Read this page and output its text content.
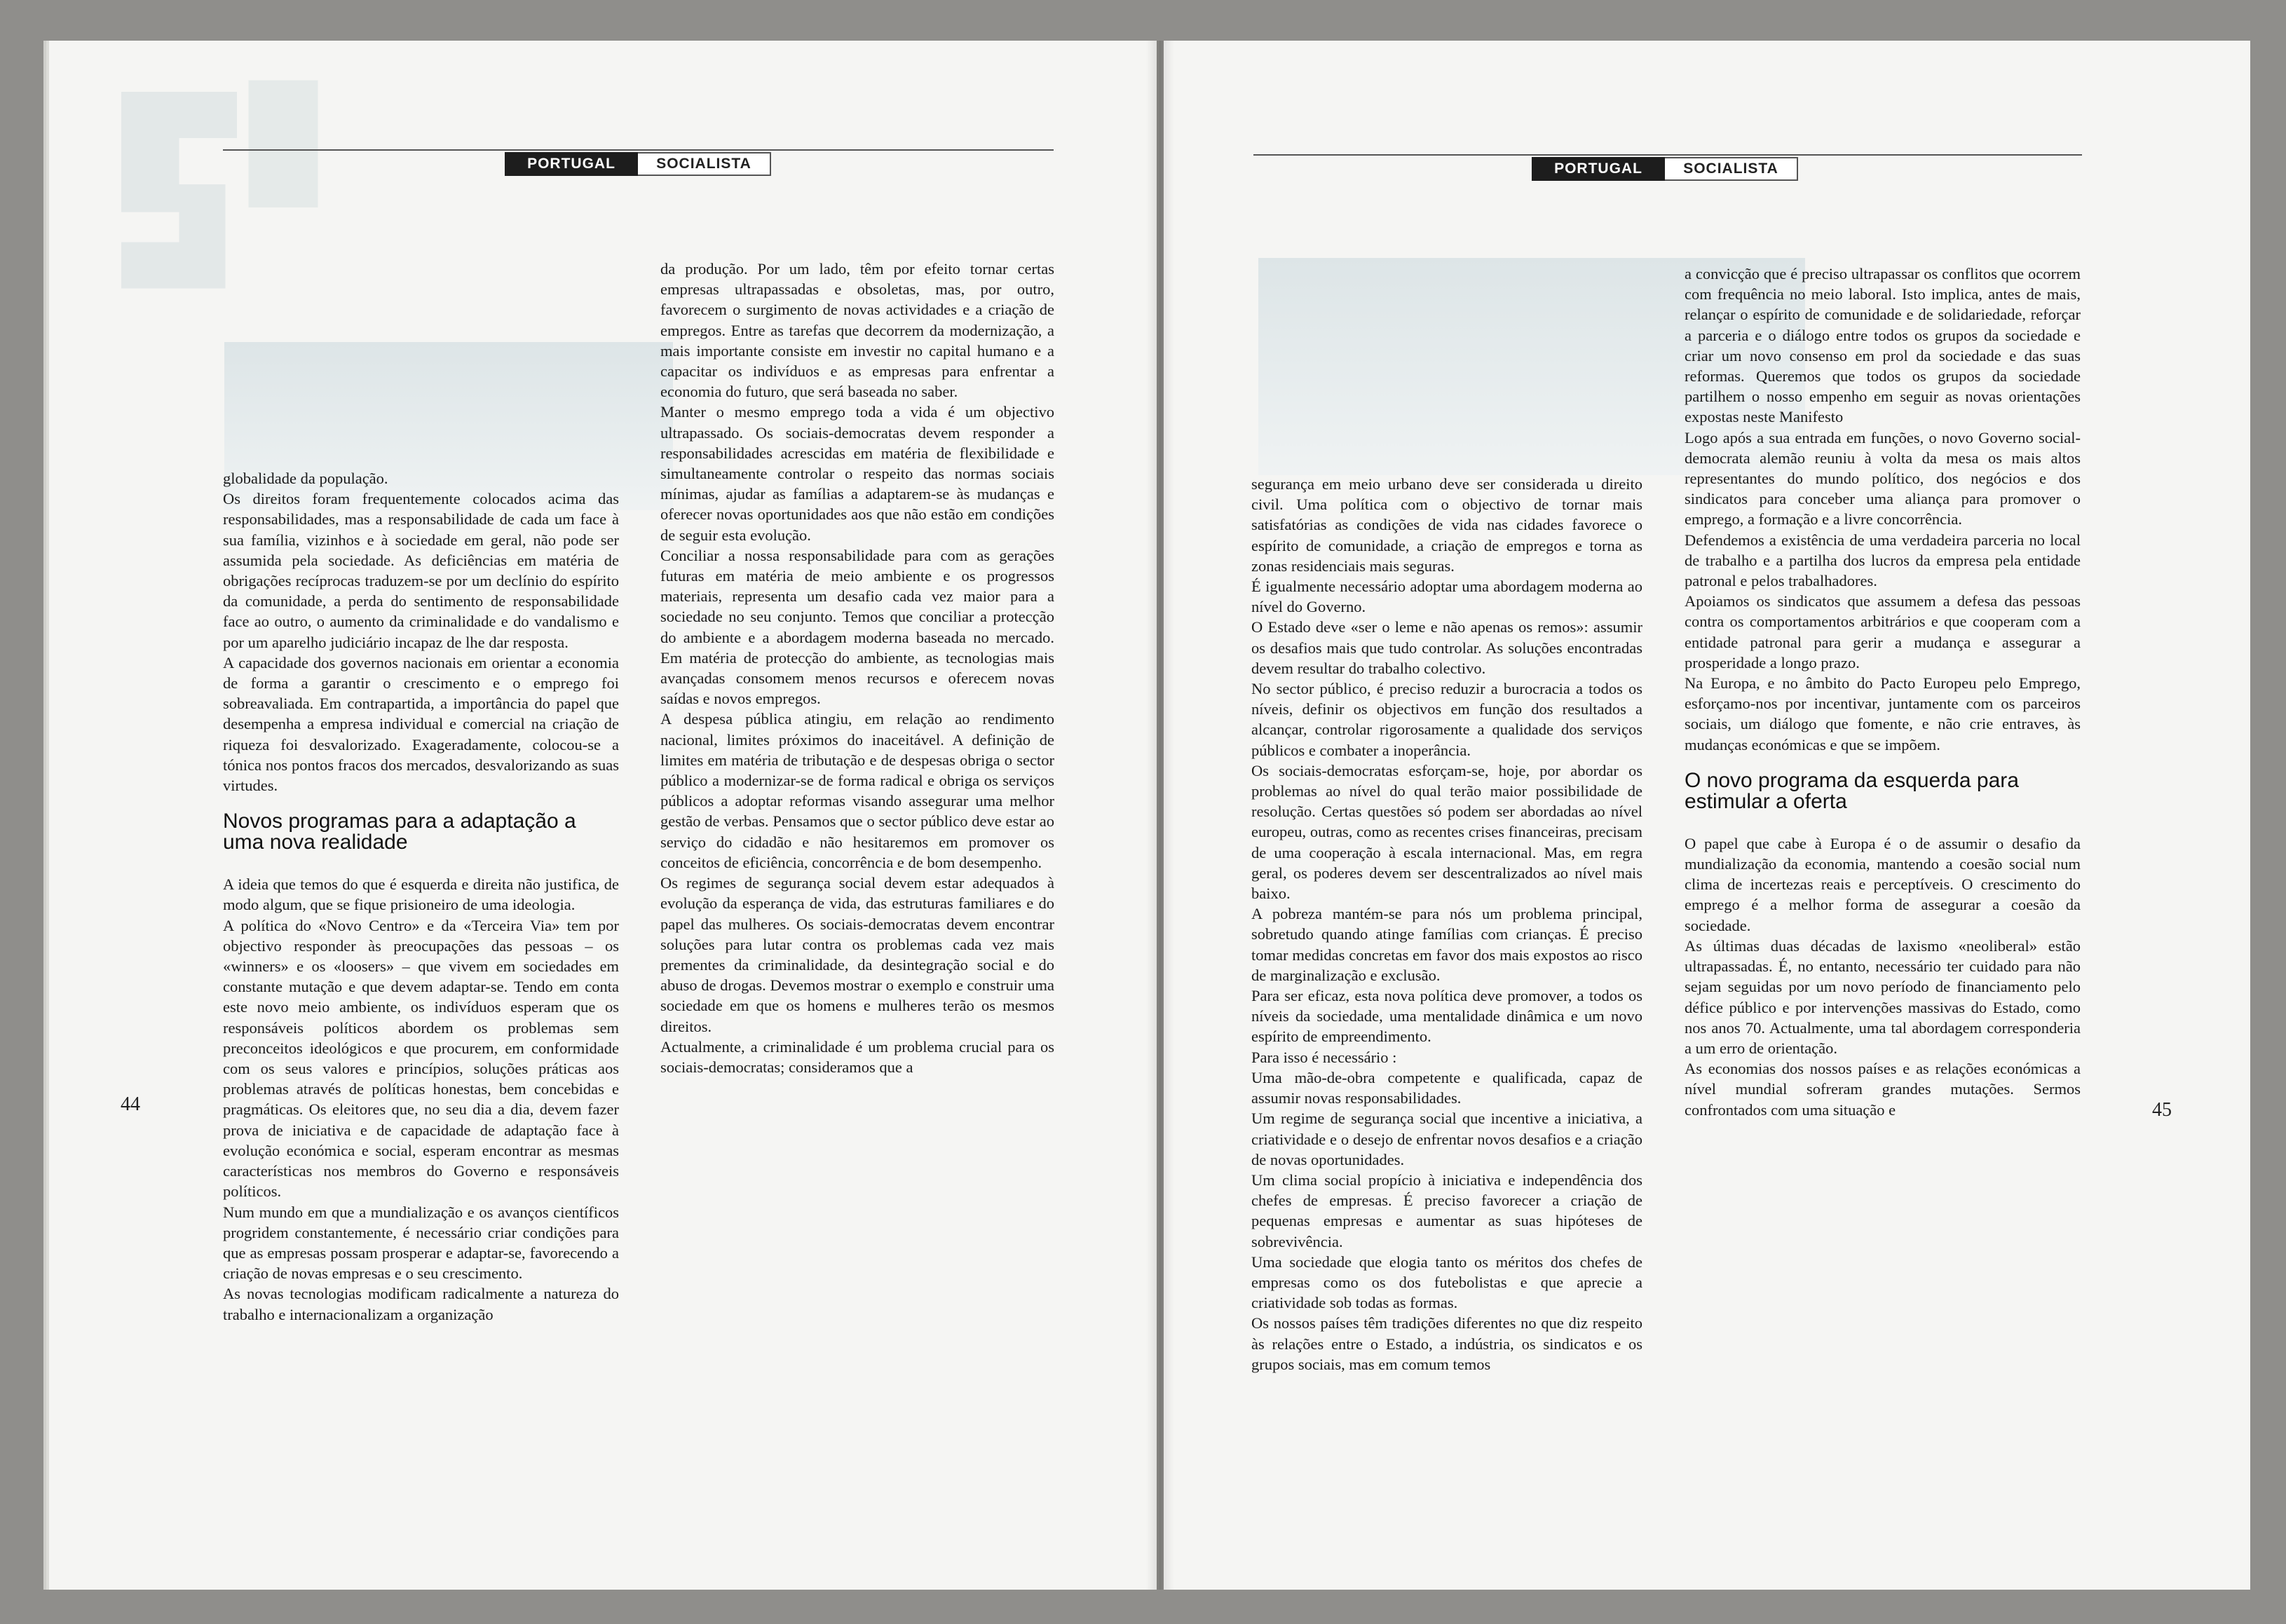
PORTUGAL	SOCIALISTA	PORTUGAL	SOCIALISTA

globalidade da população.

Os direitos foram frequentemente colocados acima das responsabilidades, mas a responsabilidade de cada um face à sua família, vizinhos e à sociedade em geral, não pode ser assumida pela sociedade. As deficiências em matéria de obrigações recíprocas traduzem-se por um declínio do espírito da comunidade, a perda do sentimento de responsabilidade face ao outro, o aumento da criminalidade e do vandalismo e por um aparelho judiciário incapaz de lhe dar resposta.

A capacidade dos governos nacionais em orientar a economia de forma a garantir o crescimento e o emprego foi sobreavaliada. Em contrapartida, a importância do papel que desempenha a empresa individual e comercial na criação de riqueza foi desvalorizado. Exageradamente, colocou-se a tónica nos pontos fracos dos mercados, desvalorizando as suas virtudes.

Novos programas para a adaptação a uma nova realidade

A ideia que temos do que é esquerda e direita não justifica, de modo algum, que se fique prisioneiro de uma ideologia.

A política do «Novo Centro» e da «Terceira Via» tem por objectivo responder às preocupações das pessoas – os «winners» e os «loosers» – que vivem em sociedades em constante mutação e que devem adaptar-se. Tendo em conta este novo meio ambiente, os indivíduos esperam que os responsáveis políticos abordem os problemas sem preconceitos ideológicos e que procurem, em conformidade com os seus valores e princípios, soluções práticas aos problemas através de políticas honestas, bem concebidas e pragmáticas. Os eleitores que, no seu dia a dia, devem fazer prova de iniciativa e de capacidade de adaptação face à evolução económica e social, esperam encontrar as mesmas características nos membros do Governo e responsáveis políticos.

Num mundo em que a mundialização e os avanços científicos progridem constantemente, é necessário criar condições para que as empresas possam prosperar e adaptar-se, favorecendo a criação de novas empresas e o seu crescimento.

As novas tecnologias modificam radicalmente a natureza do trabalho e internacionalizam a organização

da produção. Por um lado, têm por efeito tornar certas empresas ultrapassadas e obsoletas, mas, por outro, favorecem o surgimento de novas actividades e a criação de empregos. Entre as tarefas que decorrem da modernização, a mais importante consiste em investir no capital humano e a capacitar os indivíduos e as empresas para enfrentar a economia do futuro, que será baseada no saber.

Manter o mesmo emprego toda a vida é um objectivo ultrapassado. Os sociais-democratas devem responder a responsabilidades acrescidas em matéria de flexibilidade e simultaneamente controlar o respeito das normas sociais mínimas, ajudar as famílias a adaptarem-se às mudanças e oferecer novas oportunidades aos que não estão em condições de seguir esta evolução.

Conciliar a nossa responsabilidade para com as gerações futuras em matéria de meio ambiente e os progressos materiais, representa um desafio cada vez maior para a sociedade no seu conjunto. Temos que conciliar a protecção do ambiente e a abordagem moderna baseada no mercado. Em matéria de protecção do ambiente, as tecnologias mais avançadas consomem menos recursos e oferecem novas saídas e novos empregos.

A despesa pública atingiu, em relação ao rendimento nacional, limites próximos do inaceitável. A definição de limites em matéria de tributação e de despesas obriga o sector público a modernizar-se de forma radical e obriga os serviços públicos a adoptar reformas visando assegurar uma melhor gestão de verbas. Pensamos que o sector público deve estar ao serviço do cidadão e não hesitaremos em promover os conceitos de eficiência, concorrência e de bom desempenho.

Os regimes de segurança social devem estar adequados à evolução da esperança de vida, das estruturas familiares e do papel das mulheres. Os sociais-democratas devem encontrar soluções para lutar contra os problemas cada vez mais prementes da criminalidade, da desintegração social e do abuso de drogas. Devemos mostrar o exemplo e construir uma sociedade em que os homens e mulheres terão os mesmos direitos.

Actualmente, a criminalidade é um problema crucial para os sociais-democratas; consideramos que a

segurança em meio urbano deve ser considerada u direito civil. Uma política com o objectivo de tornar mais satisfatórias as condições de vida nas cidades favorece o espírito de comunidade, a criação de empregos e torna as zonas residenciais mais seguras.

É igualmente necessário adoptar uma abordagem moderna ao nível do Governo.

O Estado deve «ser o leme e não apenas os remos»: assumir os desafios mais que tudo controlar. As soluções encontradas devem resultar do trabalho colectivo.

No sector público, é preciso reduzir a burocracia a todos os níveis, definir os objectivos em função dos resultados a alcançar, controlar rigorosamente a qualidade dos serviços públicos e combater a inoperância.

Os sociais-democratas esforçam-se, hoje, por abordar os problemas ao nível do qual terão maior possibilidade de resolução. Certas questões só podem ser abordadas ao nível europeu, outras, como as recentes crises financeiras, precisam de uma cooperação à escala internacional. Mas, em regra geral, os poderes devem ser descentralizados ao nível mais baixo.

A pobreza mantém-se para nós um problema principal, sobretudo quando atinge famílias com crianças. É preciso tomar medidas concretas em favor dos mais expostos ao risco de marginalização e exclusão.

Para ser eficaz, esta nova política deve promover, a todos os níveis da sociedade, uma mentalidade dinâmica e um novo espírito de empreendimento.

Para isso é necessário :

Uma mão-de-obra competente e qualificada, capaz de assumir novas responsabilidades.

Um regime de segurança social que incentive a iniciativa, a criatividade e o desejo de enfrentar novos desafios e a criação de novas oportunidades.

Um clima social propício à iniciativa e independência dos chefes de empresas. É preciso favorecer a criação de pequenas empresas e aumentar as suas hipóteses de sobrevivência.

Uma sociedade que elogia tanto os méritos dos chefes de empresas como os dos futebolistas e que aprecie a criatividade sob todas as formas.

Os nossos países têm tradições diferentes no que diz respeito às relações entre o Estado, a indústria, os sindicatos e os grupos sociais, mas em comum temos

a convicção que é preciso ultrapassar os conflitos que ocorrem com frequência no meio laboral. Isto implica, antes de mais, relançar o espírito de comunidade e de solidariedade, reforçar a parceria e o diálogo entre todos os grupos da sociedade e criar um novo consenso em prol da sociedade e das suas reformas. Queremos que todos os grupos da sociedade partilhem o nosso empenho em seguir as novas orientações expostas neste Manifesto

Logo após a sua entrada em funções, o novo Governo social-democrata alemão reuniu à volta da mesa os mais altos representantes do mundo político, dos negócios e dos sindicatos para conceber uma aliança para promover o emprego, a formação e a livre concorrência.

Defendemos a existência de uma verdadeira parceria no local de trabalho e a partilha dos lucros da empresa pela entidade patronal e pelos trabalhadores.

Apoiamos os sindicatos que assumem a defesa das pessoas contra os comportamentos arbitrários e que cooperam com a entidade patronal para gerir a mudança e assegurar a prosperidade a longo prazo.

Na Europa, e no âmbito do Pacto Europeu pelo Emprego, esforçamo-nos por incentivar, juntamente com os parceiros sociais, um diálogo que fomente, e não crie entraves, às mudanças económicas e que se impõem.

O novo programa da esquerda para estimular a oferta

O papel que cabe à Europa é o de assumir o desafio da mundialização da economia, mantendo a coesão social num clima de incertezas reais e perceptíveis. O crescimento do emprego é a melhor forma de assegurar a coesão da sociedade.

As últimas duas décadas de laxismo «neoliberal» estão ultrapassadas. É, no entanto, necessário ter cuidado para não sejam seguidas por um novo período de financiamento pelo défice público e por intervenções massivas do Estado, como nos anos 70. Actualmente, uma tal abordagem corresponderia a um erro de orientação.

As economias dos nossos países e as relações económicas a nível mundial sofreram grandes mutações. Sermos confrontados com uma situação e

44	45
